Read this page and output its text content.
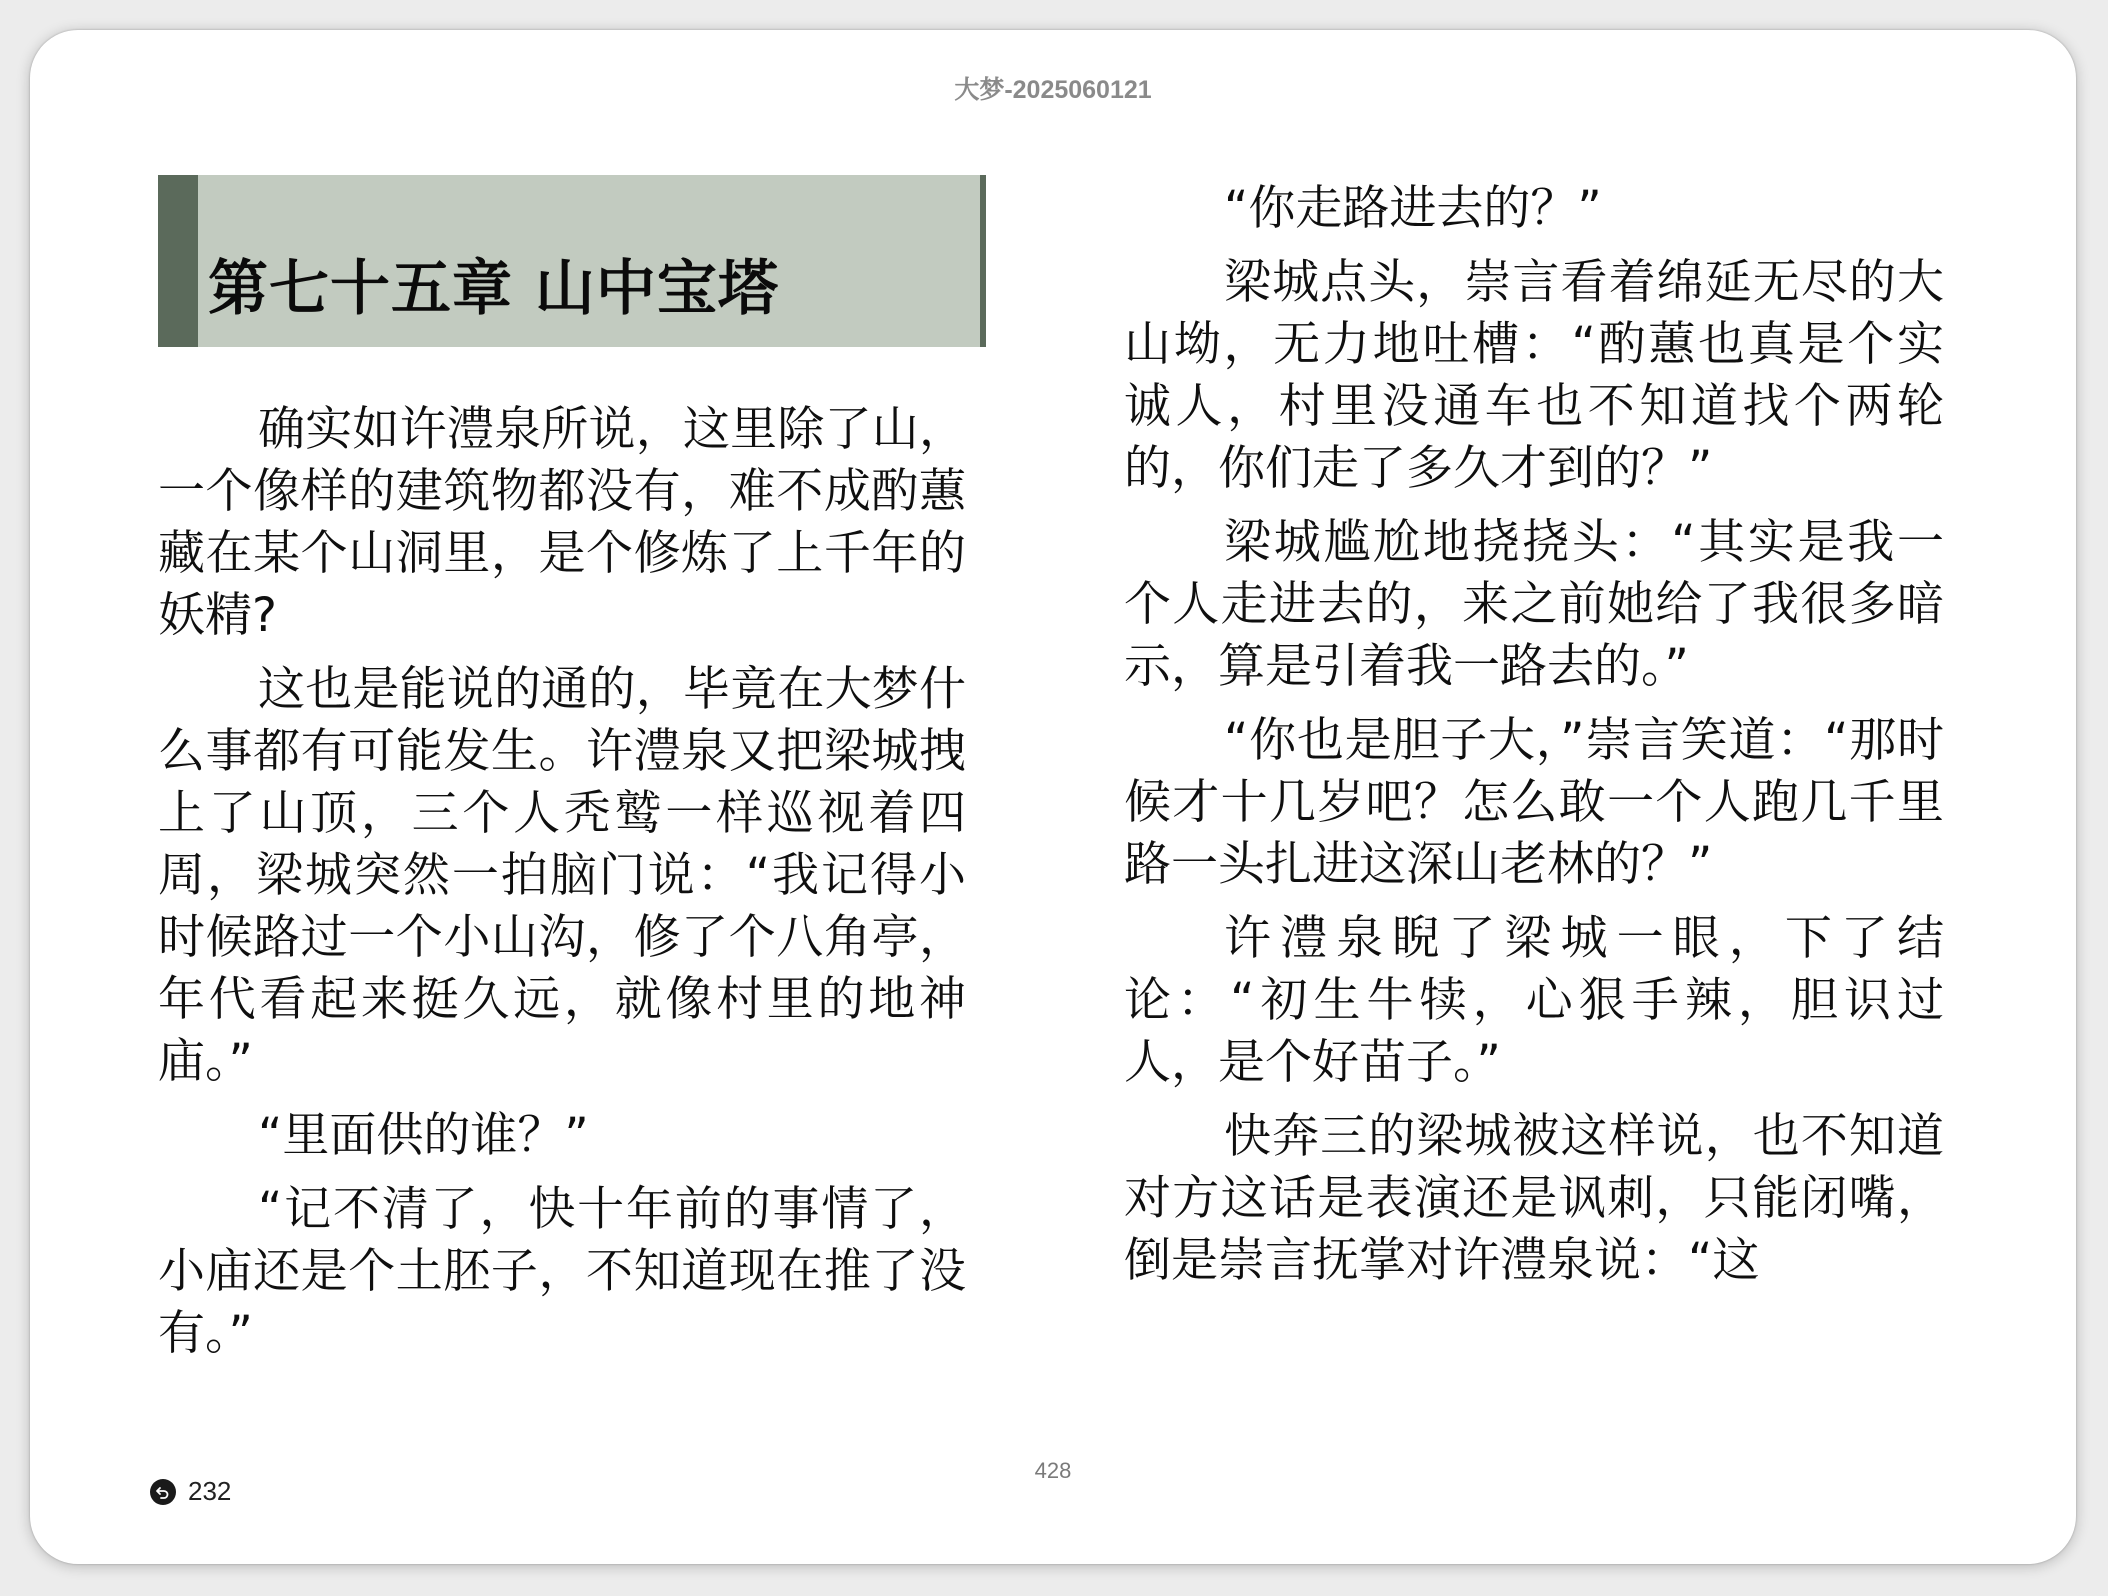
大梦-2025060121
第七十五章 山中宝塔

确实如许澧泉所说，这里除了山，一个像样的建筑物都没有，难不成酌蕙藏在某个山洞里，是个修炼了上千年的妖精?

这也是能说的通的，毕竟在大梦什么事都有可能发生。许澧泉又把梁城拽上了山顶，三个人秃鹫一样巡视着四周，梁城突然一拍脑门说：“我记得小时候路过一个小山沟，修了个八角亭，年代看起来挺久远，就像村里的地神庙。”

“里面供的谁？”

“记不清了，快十年前的事情了，小庙还是个土胚子，不知道现在推了没有。”

“你走路进去的？”

梁城点头，崇言看着绵延无尽的大山坳，无力地吐槽：“酌蕙也真是个实诚人，村里没通车也不知道找个两轮的，你们走了多久才到的？”

梁城尴尬地挠挠头：“其实是我一个人走进去的，来之前她给了我很多暗示，算是引着我一路去的。”

“你也是胆子大，”崇言笑道：“那时候才十几岁吧？怎么敢一个人跑几千里路一头扎进这深山老林的？”

许澧泉睨了梁城一眼，下了结论：“初生牛犊，心狠手辣，胆识过人，是个好苗子。”

快奔三的梁城被这样说，也不知道对方这话是表演还是讽刺，只能闭嘴，倒是崇言抚掌对许澧泉说：“这

232
428
